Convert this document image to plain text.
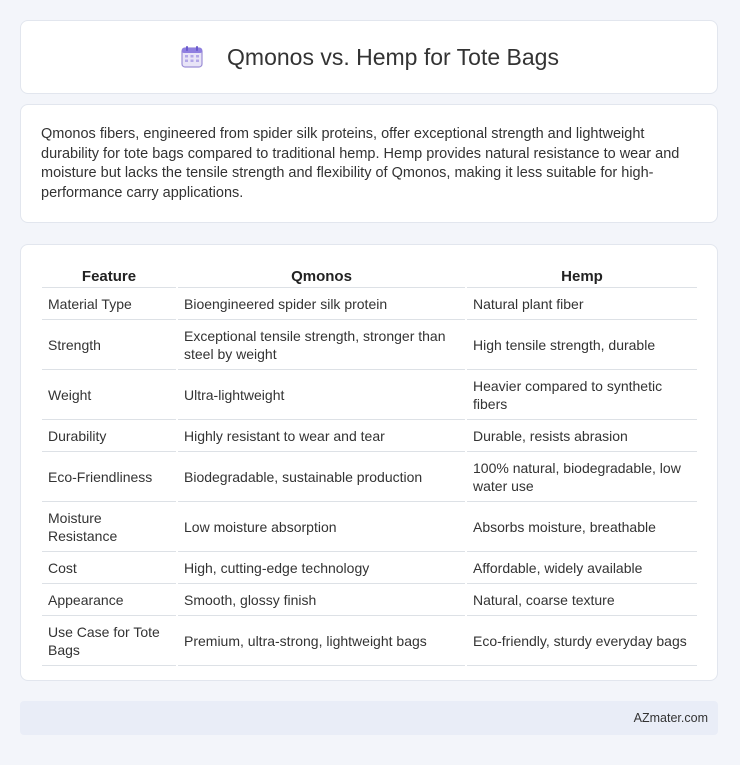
Qmonos vs. Hemp for Tote Bags

Qmonos fibers, engineered from spider silk proteins, offer exceptional strength and lightweight durability for tote bags compared to traditional hemp. Hemp provides natural resistance to wear and moisture but lacks the tensile strength and flexibility of Qmonos, making it less suitable for high-performance carry applications.

Feature	Qmonos	Hemp
Material Type	Bioengineered spider silk protein	Natural plant fiber
Strength	Exceptional tensile strength, stronger than steel by weight	High tensile strength, durable
Weight	Ultra-lightweight	Heavier compared to synthetic fibers
Durability	Highly resistant to wear and tear	Durable, resists abrasion
Eco-Friendliness	Biodegradable, sustainable production	100% natural, biodegradable, low water use
Moisture Resistance	Low moisture absorption	Absorbs moisture, breathable
Cost	High, cutting-edge technology	Affordable, widely available
Appearance	Smooth, glossy finish	Natural, coarse texture
Use Case for Tote Bags	Premium, ultra-strong, lightweight bags	Eco-friendly, sturdy everyday bags
AZmater.com
